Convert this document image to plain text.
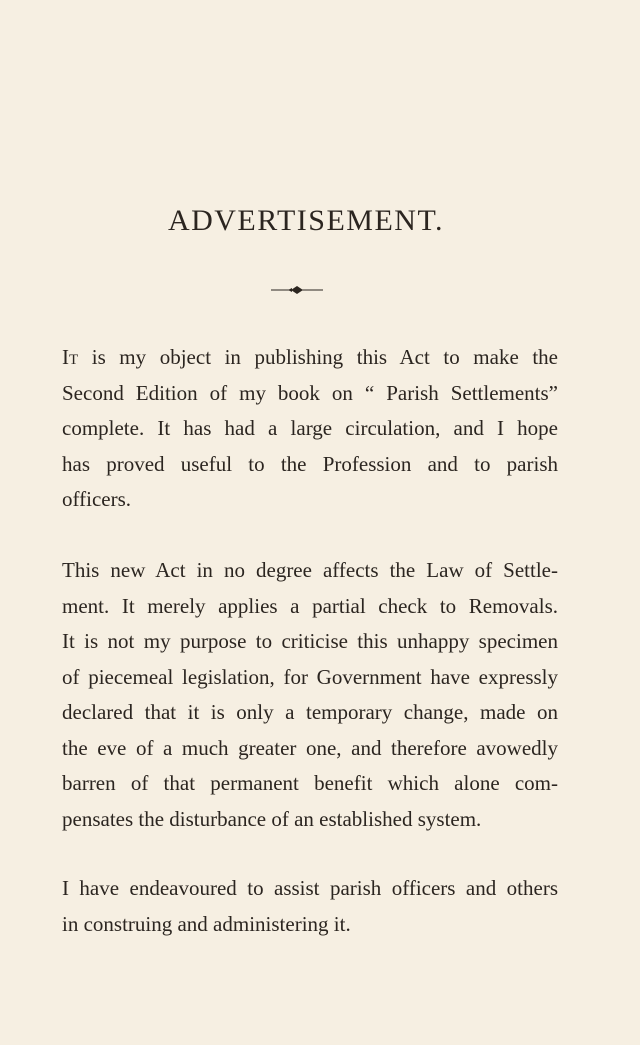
ADVERTISEMENT.
It is my object in publishing this Act to make the
Second Edition of my book on “ Parish Settlements”
complete. It has had a large circulation, and I hope
has proved useful to the Profession and to parish
officers.
This new Act in no degree affects the Law of Settle-
ment. It merely applies a partial check to Removals.
It is not my purpose to criticise this unhappy specimen
of piecemeal legislation, for Government have expressly
declared that it is only a temporary change, made on
the eve of a much greater one, and therefore avowedly
barren of that permanent benefit which alone com-
pensates the disturbance of an established system.
I have endeavoured to assist parish officers and others
in construing and administering it.
